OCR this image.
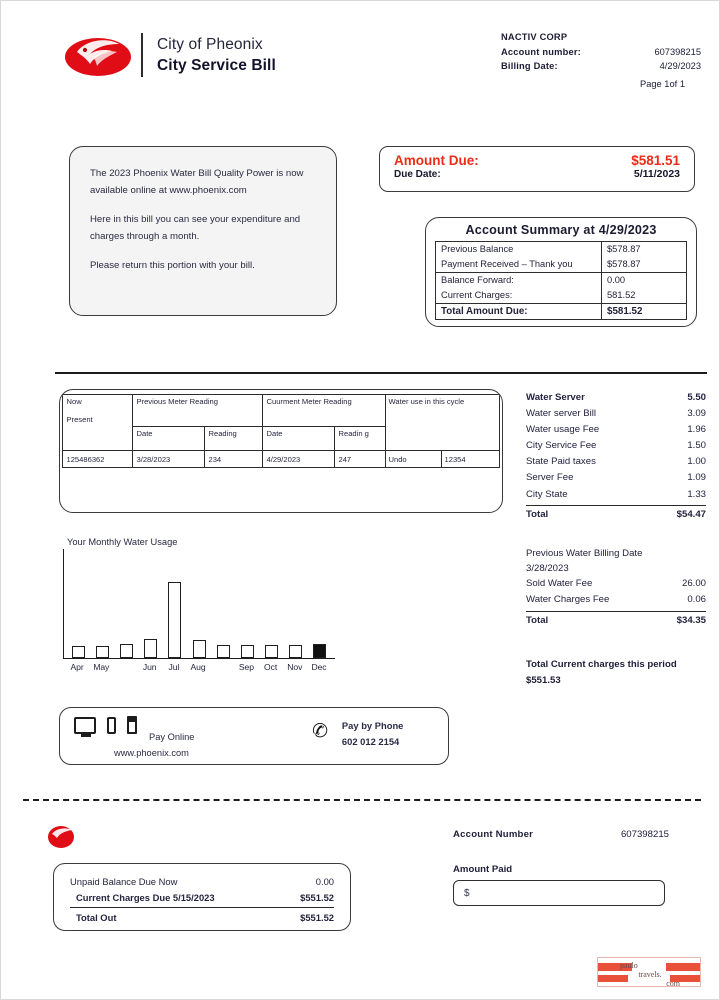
City of Pheonix
City Service Bill
NACTIV CORP
Account number:	607398215
Billing Date:	4/29/2023
Page 1of 1

The 2023 Phoenix Water Bill Quality Power is now available online at www.phoenix.com

Here in this bill you can see your expenditure and charges through a month.

Please return this portion with your bill.

Amount Due:	$581.51
Due Date:	5/11/2023
Account Summary at 4/29/2023
Previous Balance	$578.87
Payment Received – Thank you	$578.87
Balance Forward:	0.00
Current Charges:	581.52
Total Amount Due:	$581.52
Now

Present	Previous Meter Reading		Cuurment Meter Reading		Water use in this cycle	
	Date	Reading	Date	Readin g		
125486362	3/28/2023	234	4/29/2023	247	Undo	12354
Water Server	5.50
Water server Bill	3.09
Water usage Fee	1.96
City Service Fee	1.50
State Paid taxes	1.00
Server Fee	1.09
City State	1.33
Total	$54.47
Previous Water Billing Date
3/28/2023
Sold Water Fee	26.00
Water Charges Fee	0.06
Total	$34.35
Total Current charges this period
$551.53
Your Monthly Water Usage
Apr	May	Jun	Jul	Aug	Sep	Oct	Nov	Dec
Pay Online
www.phoenix.com
✆ Pay by Phone
602 012 2154
Unpaid Balance Due Now	0.00
Current Charges Due 5/15/2023	$551.52
Total Out	$551.52
Account Number	607398215
Amount Paid
$
paulo
travels.
com
